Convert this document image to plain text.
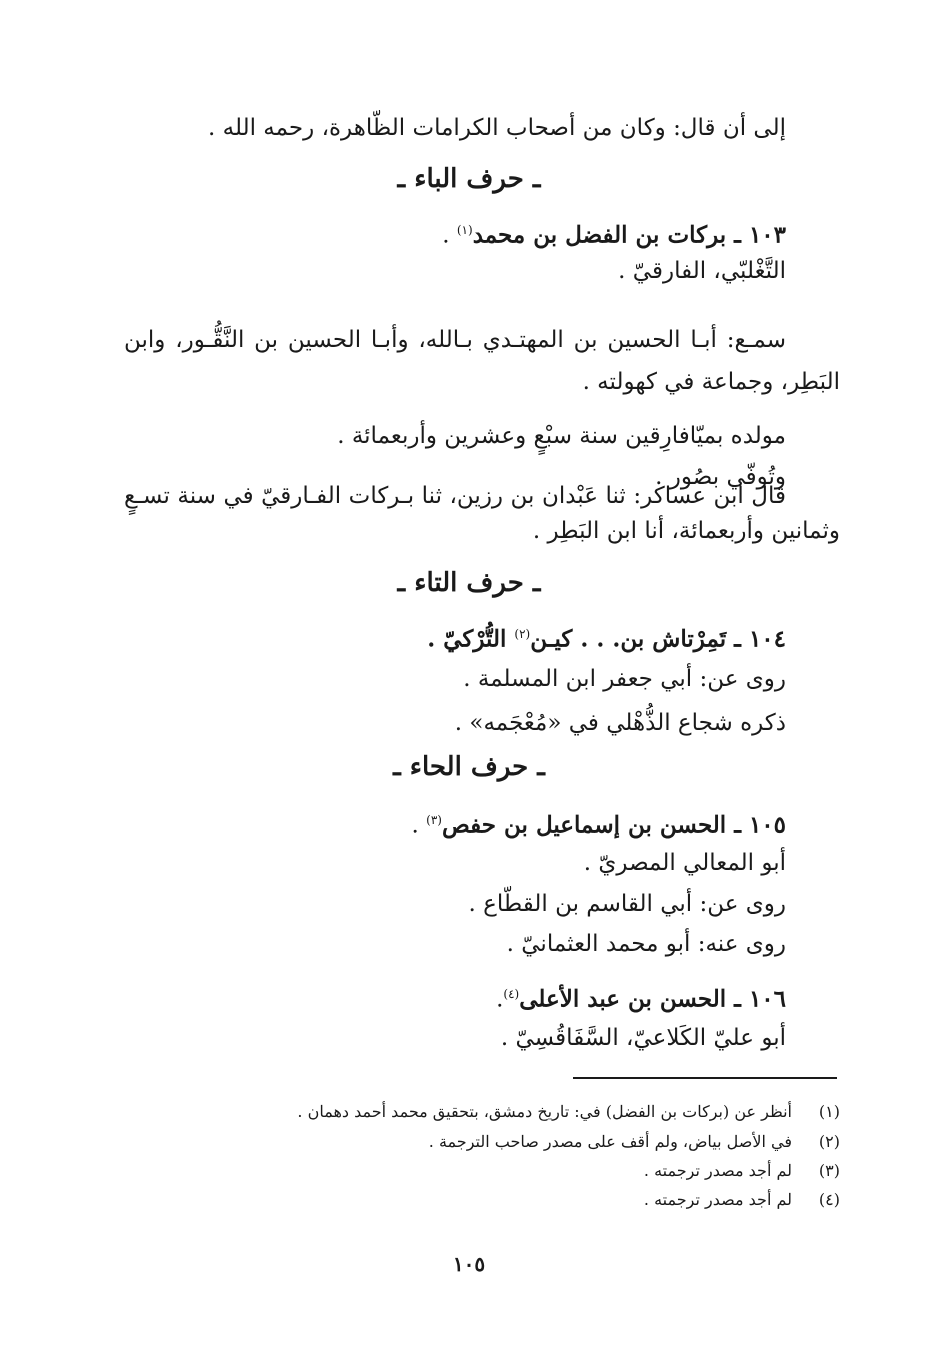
إلى أن قال: وكان من أصحاب الكرامات الظّاهرة، رحمه الله .
ـ حرف الباء ـ
١٠٣ ـ بركات بن الفضل بن محمد$^{(١)}$ .
التَّغْلبّي، الفارقيّ .
سمـع: أبـا الحسين بن المهتـدي بـالله، وأبـا الحسين بن النَّقُّـور، وابن
البَطِر، وجماعة في كهولته .
مولده بميّافارِقين سنة سبْعٍ وعشرين وأربعمائة .
وتُوفّي بصُور .
قال ابن عساكر: ثنا عَبْدان بن رزين، ثنا بـركات الفـارقيّ في سنة تسـعٍ
وثمانين وأربعمائة، أنا ابن البَطِر .
ـ حرف التاء ـ
١٠٤ ـ تَمِرْتاش بن. . . كيـن$^{(٢)}$ التُّرْكيّ .
روى عن: أبي جعفر ابن المسلمة .
ذكره شجاع الذُّهْلي في «مُعْجَمه» .
ـ حرف الحاء ـ
١٠٥ ـ الحسن بن إسماعيل بن حفص$^{(٣)}$ .
أبو المعالي المصريّ .
روى عن: أبي القاسم بن القطّاع .
روى عنه: أبو محمد العثمانيّ .
١٠٦ ـ الحسن بن عبد الأعلى$^{(٤)}$.
أبو عليّ الكَلاعيّ، السَّفَاقُسِيّ .
(١)أنظر عن (بركات بن الفضل) في: تاريخ دمشق، بتحقيق محمد أحمد دهمان .
(٢)في الأصل بياض، ولم أقف على مصدر صاحب الترجمة .
(٣)لم أجد مصدر ترجمته .
(٤)لم أجد مصدر ترجمته .
١٠٥
